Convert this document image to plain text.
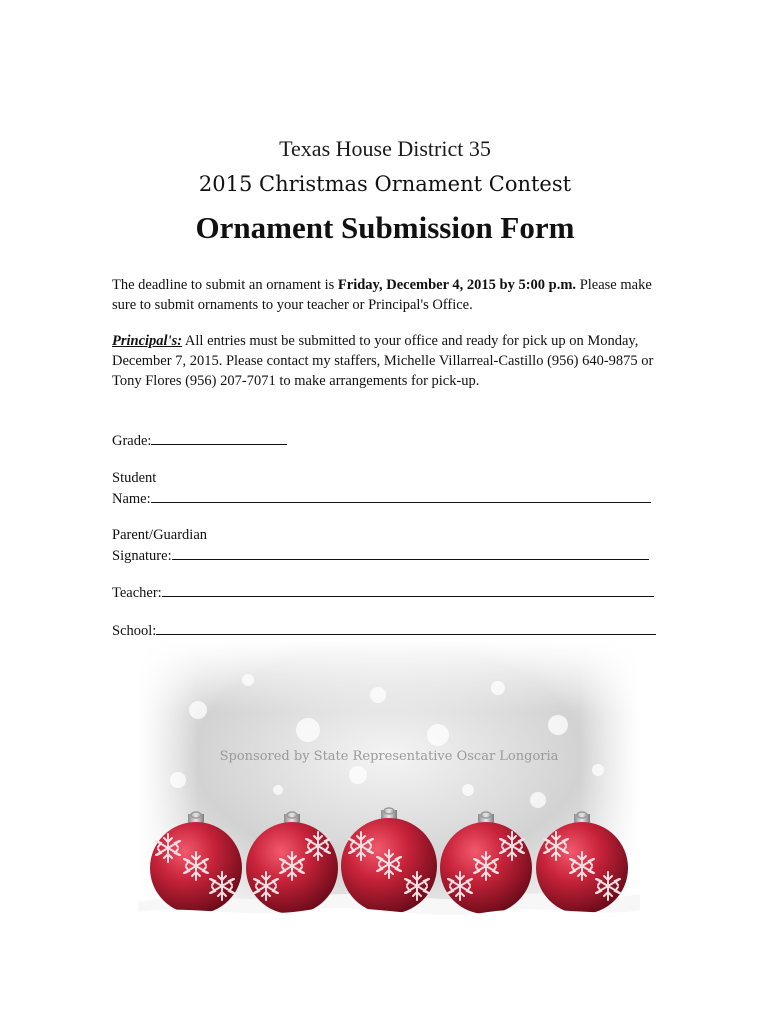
Texas House District 35
2015 Christmas Ornament Contest
Ornament Submission Form
The deadline to submit an ornament is Friday, December 4, 2015 by 5:00 p.m. Please make sure to submit ornaments to your teacher or Principal's Office.
Principal's: All entries must be submitted to your office and ready for pick up on Monday, December 7, 2015. Please contact my staffers, Michelle Villarreal-Castillo (956) 640-9875 or Tony Flores (956) 207-7071 to make arrangements for pick-up.
Grade:
Student
Name:
Parent/Guardian
Signature:
Teacher:
School:
Sponsored by State Representative Oscar Longoria
